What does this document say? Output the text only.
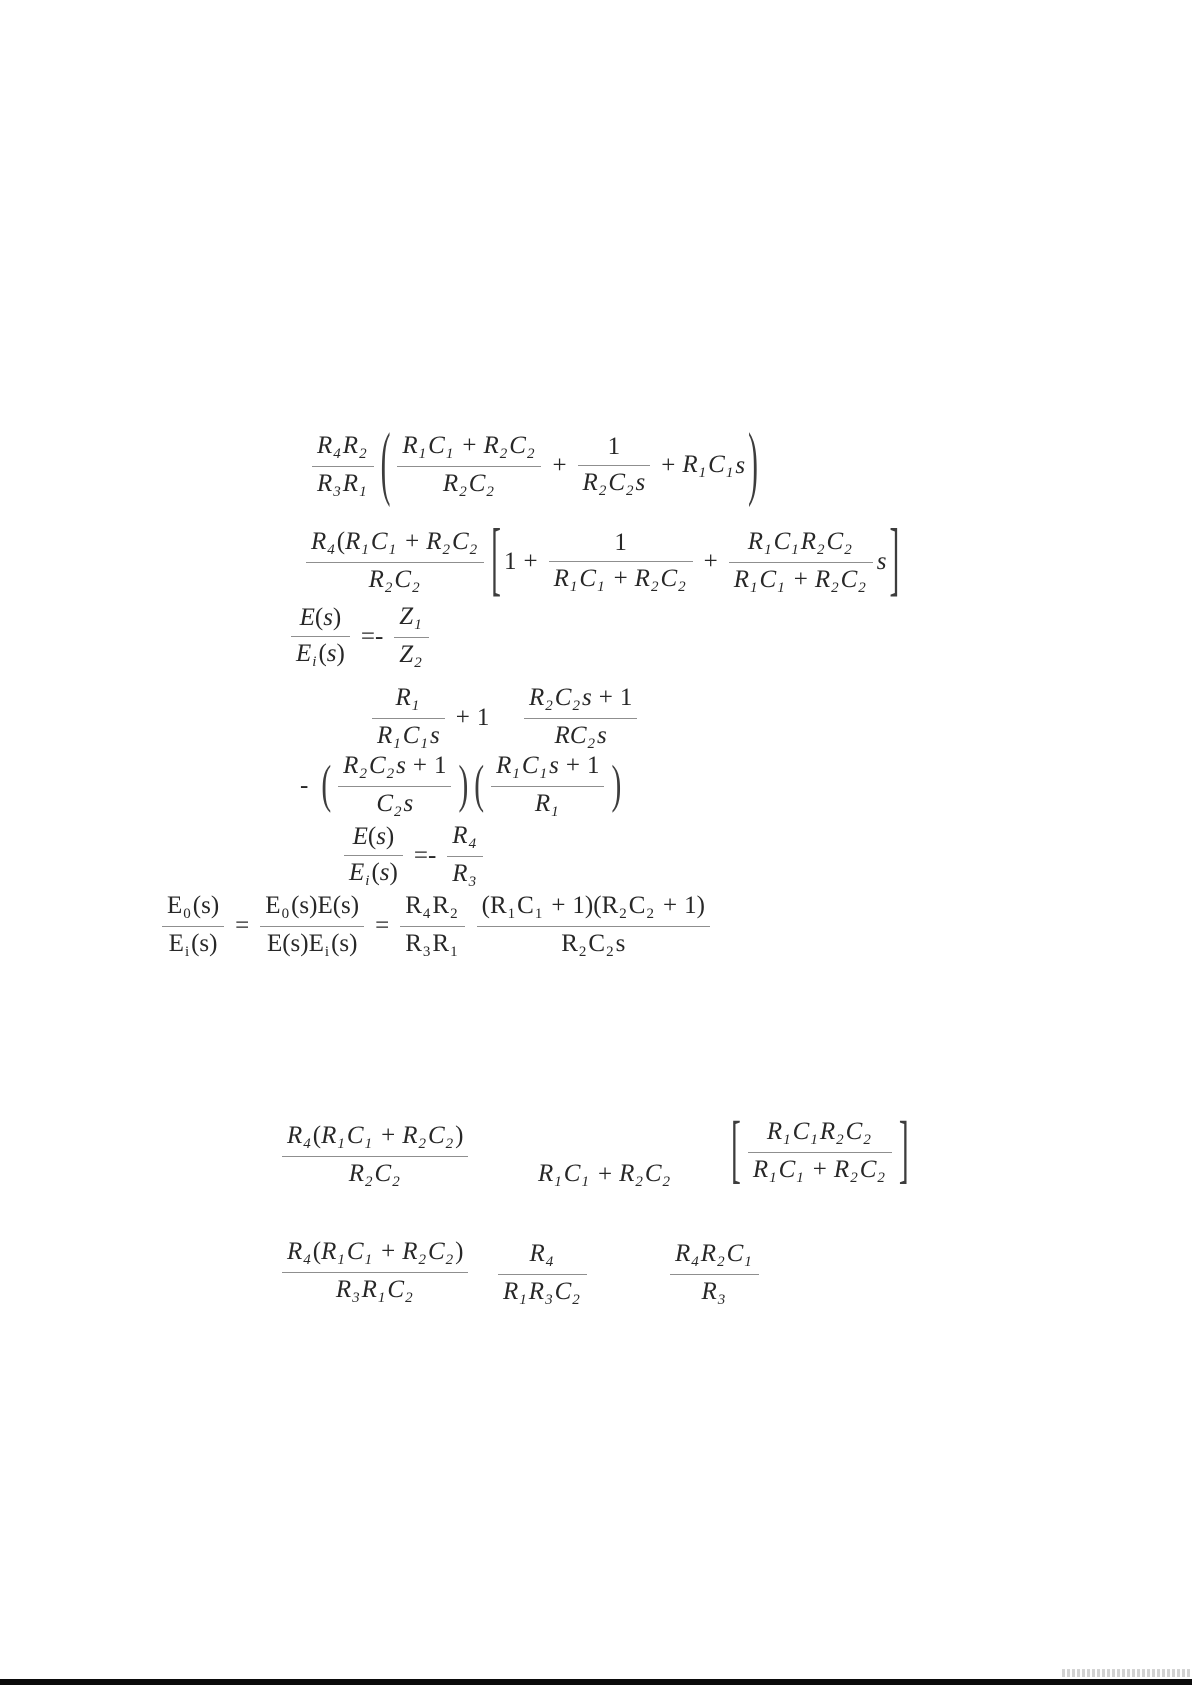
$\frac{R4R2}{R3R1}$ ( $\frac{R1C1 + R2C2}{R2C2} + \frac{1}{R2C2s} + R1$ C1 s )
$\frac{R4(R1C1 + R2C2}{R2C2}$ [ $1 + \frac{1}{R1C1 + R2C2} + \frac{R1C1R2C2}{R1C1 + R2C2}$ s ]
$\frac{E(s)}{Ei(s)} =- \frac{Z1}{Z2}$
$\frac{R1}{R1C1s} + 1 \frac{R2C2s + 1}{RC2s}$
- ( $\frac{R2C2s + 1}{C2s}$ ) ( $\frac{R1C1s + 1}{R1}$ )
$\frac{E(s)}{Ei(s)} =- \frac{R4}{R3}$
$\frac{E0(s)}{Ei(s)} = \frac{E0(s)E(s)}{E(s)Ei(s)} = \frac{R4R2}{R3R1} \frac{(R1C1 + 1)(R2C2 + 1)}{R2C2s}$
$\frac{R4(R1C1 + R2C2)}{R2C2}$	R1 C1 + R2 C2 [ $\frac{R1C1R2C2}{R1C1 + R2C2}$ ]
$\frac{R4(R1C1 + R2C2)}{R3R1C2} \frac{R4}{R1R3C2}$	$\frac{R4R2C1}{R3}$
